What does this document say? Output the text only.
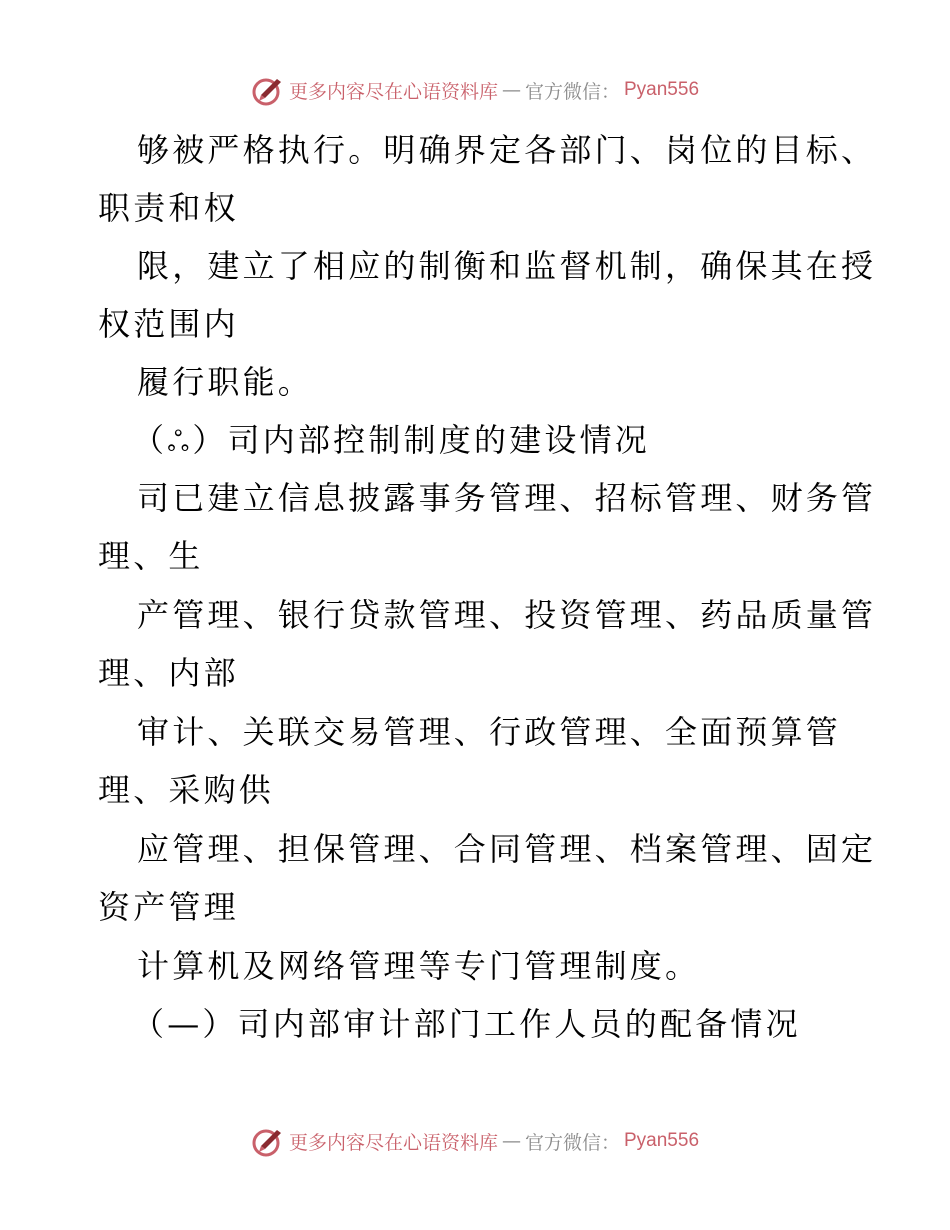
更多内容尽在心语资料库 — 官方微信： Pyan556

够被严格执行。明确界定各部门、岗位的目标、

职责和权

限，建立了相应的制衡和监督机制，确保其在授

权范围内

履行职能。

（ஃ）司内部控制制度的建设情况

司已建立信息披露事务管理、招标管理、财务管

理、生

产管理、银行贷款管理、投资管理、药品质量管

理、内部

审计、关联交易管理、行政管理、全面预算管

理、采购供

应管理、担保管理、合同管理、档案管理、固定

资产管理

计算机及网络管理等专门管理制度。

（—）司内部审计部门工作人员的配备情况

更多内容尽在心语资料库 — 官方微信： Pyan556
